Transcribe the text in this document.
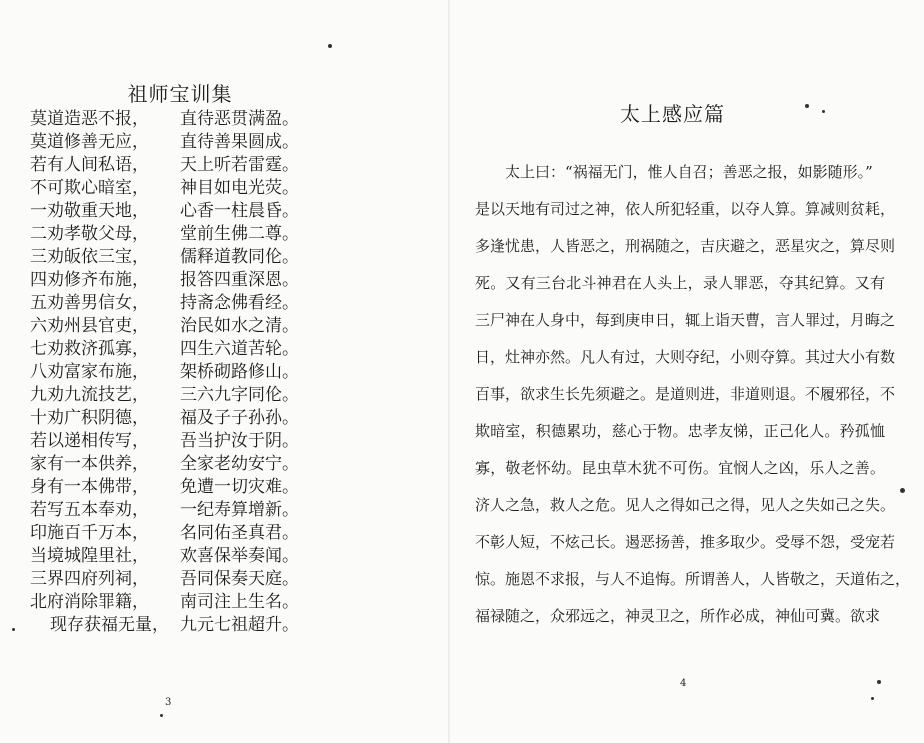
祖师宝训集
莫道造恶不报， 直待恶贯满盈。
莫道修善无应， 直待善果圆成。
若有人间私语， 天上听若雷霆。
不可欺心暗室， 神目如电光荧。
一劝敬重天地， 心香一柱晨昏。
二劝孝敬父母， 堂前生佛二尊。
三劝皈依三宝， 儒释道教同伦。
四劝修齐布施， 报答四重深恩。
五劝善男信女， 持斋念佛看经。
六劝州县官吏， 治民如水之清。
七劝救济孤寡， 四生六道苦轮。
八劝富家布施， 架桥砌路修山。
九劝九流技艺， 三六九字同伦。
十劝广积阴德， 福及子子孙孙。
若以递相传写， 吾当护汝于阴。
家有一本供养， 全家老幼安宁。
身有一本佛带， 免遭一切灾难。
若写五本奉劝， 一纪寿算增新。
印施百千万本， 名同佑圣真君。
当境城隍里社， 欢喜保举奏闻。
三界四府列祠， 吾同保奏天庭。
北府消除罪籍， 南司注上生名。
现存获福无量， 九元七祖超升。
3
太上感应篇
太上曰：“祸福无门，惟人自召；善恶之报，如影随形。”
是以天地有司过之神，依人所犯轻重，以夺人算。算减则贫耗，
多逢忧患，人皆恶之，刑祸随之，吉庆避之，恶星灾之，算尽则
死。又有三台北斗神君在人头上，录人罪恶，夺其纪算。又有
三尸神在人身中，每到庚申日，辄上诣天曹，言人罪过，月晦之
日，灶神亦然。凡人有过，大则夺纪，小则夺算。其过大小有数
百事，欲求生长先须避之。是道则进，非道则退。不履邪径，不
欺暗室，积德累功，慈心于物。忠孝友悌，正己化人。矜孤恤
寡，敬老怀幼。昆虫草木犹不可伤。宜悯人之凶，乐人之善。
济人之急，救人之危。见人之得如己之得，见人之失如己之失。
不彰人短，不炫己长。遏恶扬善，推多取少。受辱不怨，受宠若
惊。施恩不求报，与人不追悔。所谓善人，人皆敬之，天道佑之，
福禄随之，众邪远之，神灵卫之，所作必成，神仙可冀。欲求
4
